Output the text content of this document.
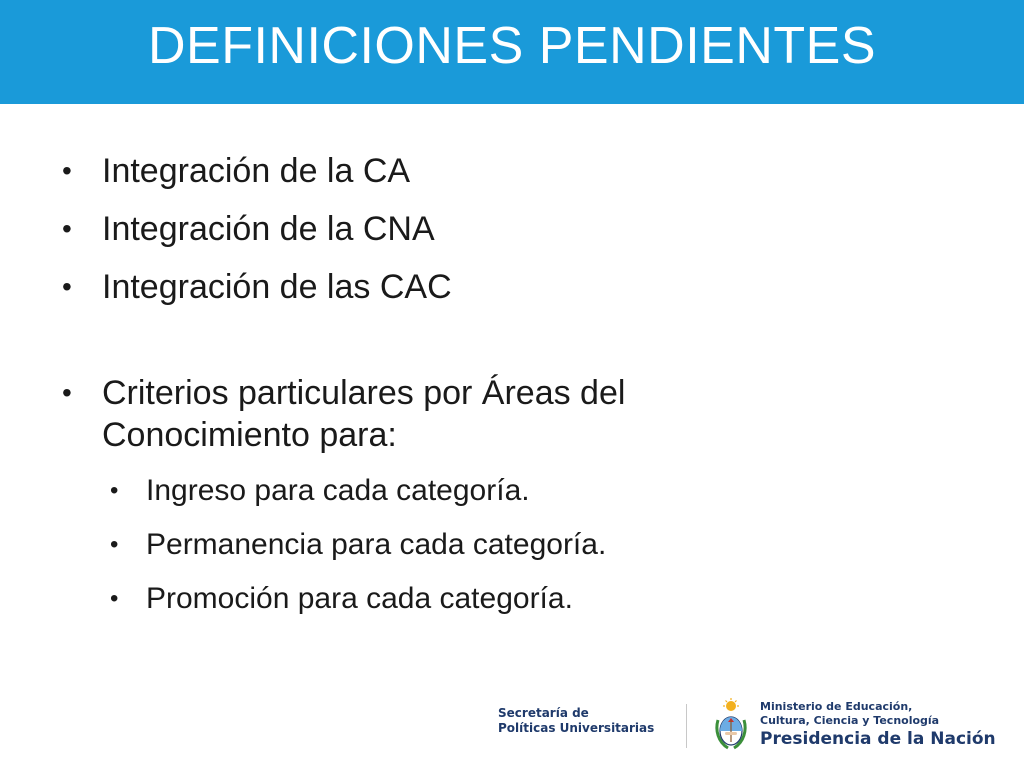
DEFINICIONES PENDIENTES
• Integración de la CA
• Integración de la CNA
• Integración de las CAC
• Criterios particulares por Áreas del
Conocimiento para:
• Ingreso para cada categoría.
• Permanencia para cada categoría.
• Promoción para cada categoría.
Secretaría de
Políticas Universitarias
Ministerio de Educación,
Cultura, Ciencia y Tecnología
Presidencia de la Nación
